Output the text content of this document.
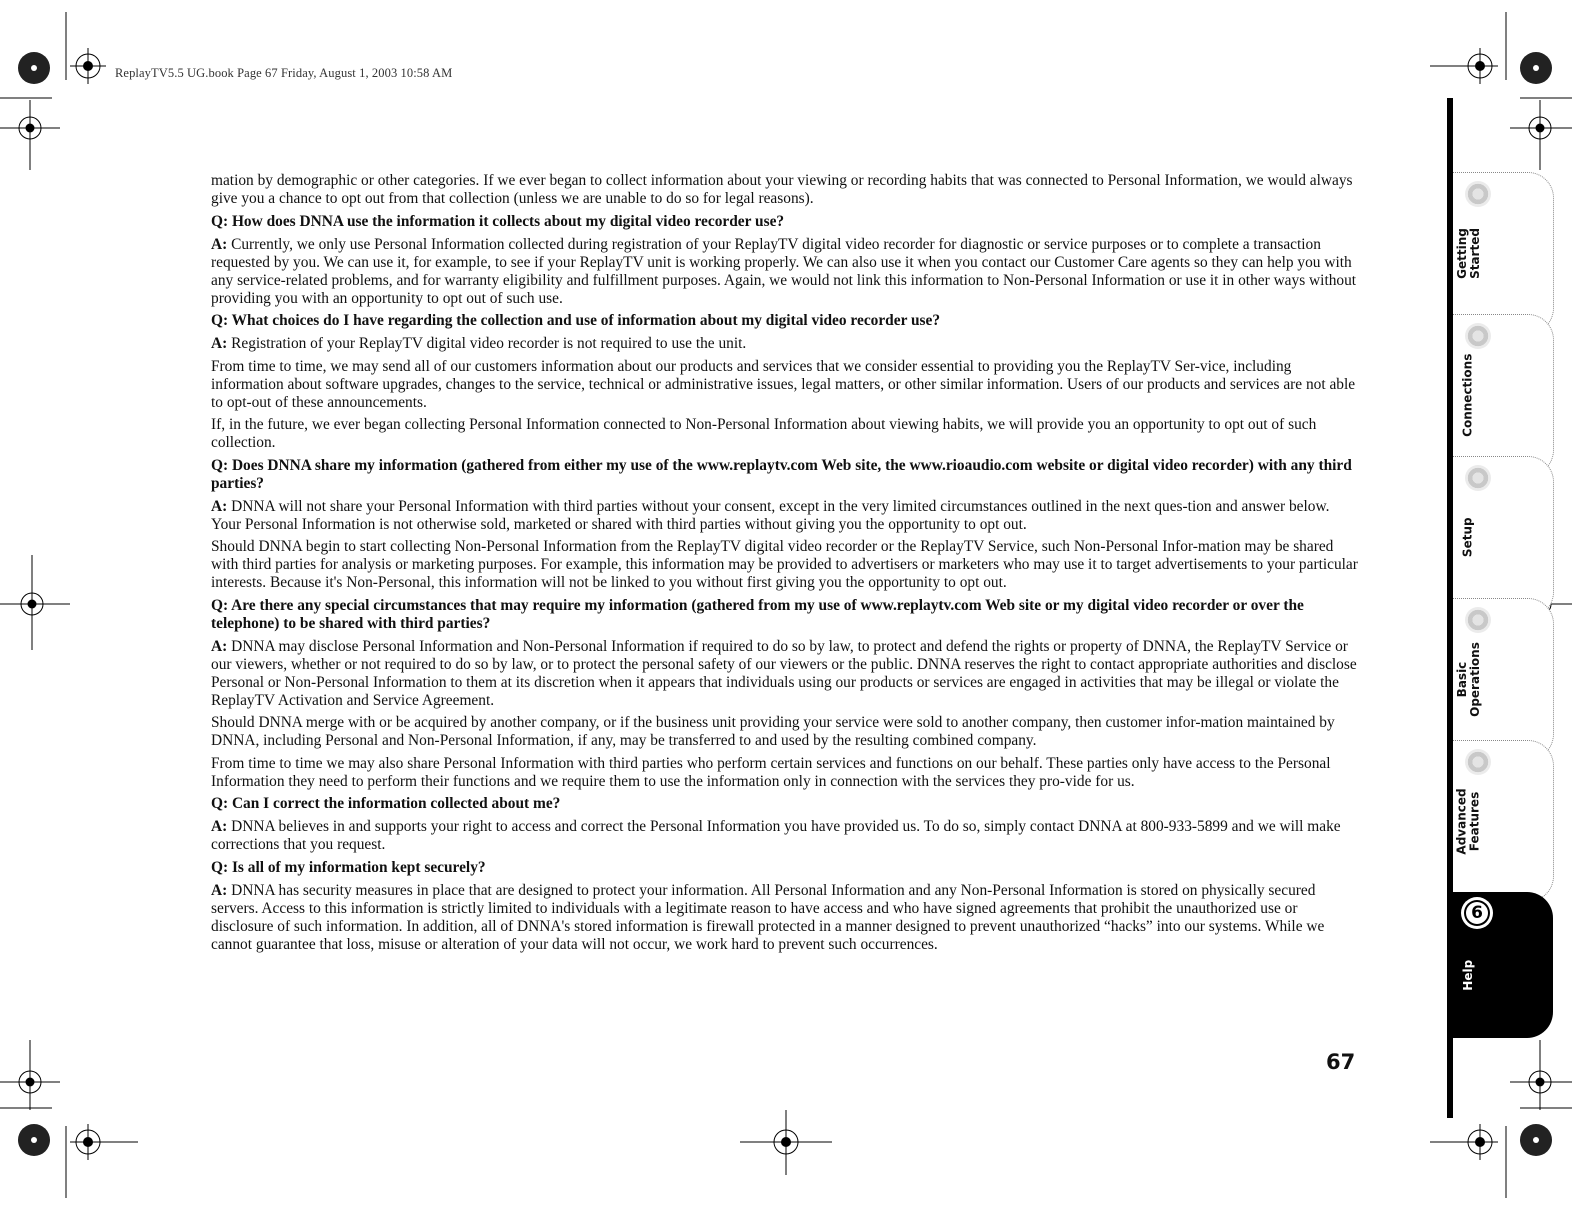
ReplayTV5.5 UG.book Page 67 Friday, August 1, 2003 10:58 AM

mation by demographic or other categories. If we ever began to collect information about your viewing or recording habits that was connected to Personal Information, we would always give you a chance to opt out from that collection (unless we are unable to do so for legal reasons).

Q: How does DNNA use the information it collects about my digital video recorder use?

A: Currently, we only use Personal Information collected during registration of your ReplayTV digital video recorder for diagnostic or service purposes or to complete a transaction requested by you. We can use it, for example, to see if your ReplayTV unit is working properly. We can also use it when you contact our Customer Care agents so they can help you with any service-related problems, and for warranty eligibility and fulfillment purposes. Again, we would not link this information to Non-Personal Information or use it in other ways without providing you with an opportunity to opt out of such use.

Q: What choices do I have regarding the collection and use of information about my digital video recorder use?

A: Registration of your ReplayTV digital video recorder is not required to use the unit.

From time to time, we may send all of our customers information about our products and services that we consider essential to providing you the ReplayTV Ser-vice, including information about software upgrades, changes to the service, technical or administrative issues, legal matters, or other similar information. Users of our products and services are not able to opt-out of these announcements.

If, in the future, we ever began collecting Personal Information connected to Non-Personal Information about viewing habits, we will provide you an opportunity to opt out of such collection.

Q: Does DNNA share my information (gathered from either my use of the www.replaytv.com Web site, the www.rioaudio.com website or digital video recorder) with any third parties?

A: DNNA will not share your Personal Information with third parties without your consent, except in the very limited circumstances outlined in the next ques-tion and answer below. Your Personal Information is not otherwise sold, marketed or shared with third parties without giving you the opportunity to opt out.

Should DNNA begin to start collecting Non-Personal Information from the ReplayTV digital video recorder or the ReplayTV Service, such Non-Personal Infor-mation may be shared with third parties for analysis or marketing purposes. For example, this information may be provided to advertisers or marketers who may use it to target advertisements to your particular interests. Because it's Non-Personal, this information will not be linked to you without first giving you the opportunity to opt out.

Q: Are there any special circumstances that may require my information (gathered from my use of www.replaytv.com Web site or my digital video recorder or over the telephone) to be shared with third parties?

A: DNNA may disclose Personal Information and Non-Personal Information if required to do so by law, to protect and defend the rights or property of DNNA, the ReplayTV Service or our viewers, whether or not required to do so by law, or to protect the personal safety of our viewers or the public. DNNA reserves the right to contact appropriate authorities and disclose Personal or Non-Personal Information to them at its discretion when it appears that individuals using our products or services are engaged in activities that may be illegal or violate the ReplayTV Activation and Service Agreement.

Should DNNA merge with or be acquired by another company, or if the business unit providing your service were sold to another company, then customer infor-mation maintained by DNNA, including Personal and Non-Personal Information, if any, may be transferred to and used by the resulting combined company.

From time to time we may also share Personal Information with third parties who perform certain services and functions on our behalf. These parties only have access to the Personal Information they need to perform their functions and we require them to use the information only in connection with the services they pro-vide for us.

Q: Can I correct the information collected about me?

A: DNNA believes in and supports your right to access and correct the Personal Information you have provided us. To do so, simply contact DNNA at 800-933-5899 and we will make corrections that you request.

Q: Is all of my information kept securely?

A: DNNA has security measures in place that are designed to protect your information. All Personal Information and any Non-Personal Information is stored on physically secured servers. Access to this information is strictly limited to individuals with a legitimate reason to have access and who have signed agreements that prohibit the unauthorized use or disclosure of such information. In addition, all of DNNA's stored information is firewall protected in a manner designed to prevent unauthorized “hacks” into our systems. While we cannot guarantee that loss, misuse or alteration of your data will not occur, we work hard to prevent such occurrences.

67
Getting
Started
Connections
Setup
Basic
Operations
Advanced
Features
6
Help
